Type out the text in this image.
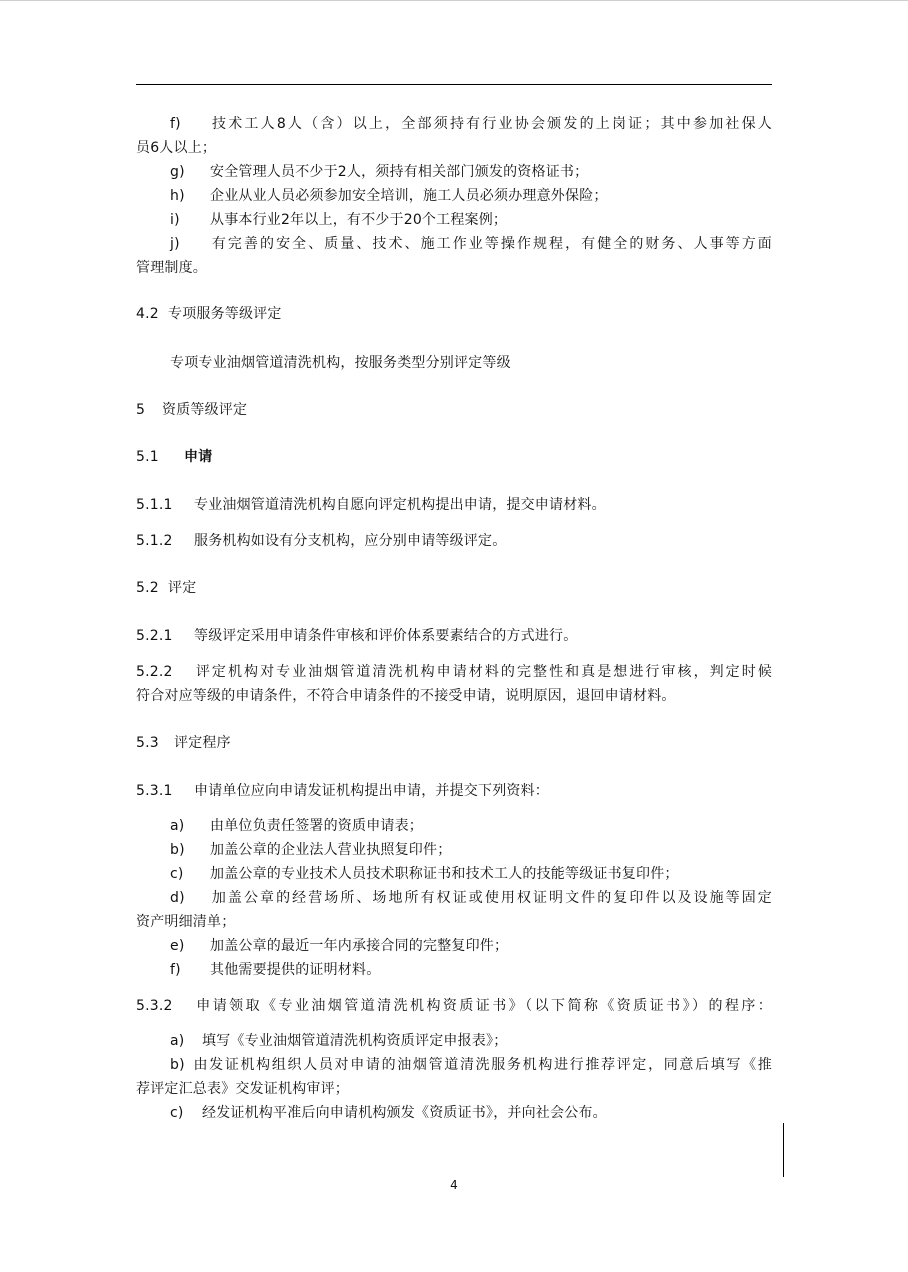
f) 技术工人8人（含）以上，全部须持有行业协会颁发的上岗证；其中参加社保人
员6人以上；
g) 安全管理人员不少于2人，须持有相关部门颁发的资格证书；
h) 企业从业人员必须参加安全培训，施工人员必须办理意外保险；
i) 从事本行业2年以上，有不少于20个工程案例；
j) 有完善的安全、质量、技术、施工作业等操作规程，有健全的财务、人事等方面
管理制度。
4.2 专项服务等级评定
专项专业油烟管道清洗机构，按服务类型分别评定等级
5 资质等级评定
5.1 申请
5.1.1 专业油烟管道清洗机构自愿向评定机构提出申请，提交申请材料。
5.1.2 服务机构如设有分支机构，应分别申请等级评定。
5.2 评定
5.2.1 等级评定采用申请条件审核和评价体系要素结合的方式进行。
5.2.2 评定机构对专业油烟管道清洗机构申请材料的完整性和真是想进行审核，判定时候
符合对应等级的申请条件，不符合申请条件的不接受申请，说明原因，退回申请材料。
5.3 评定程序
5.3.1 申请单位应向申请发证机构提出申请，并提交下列资料：
a) 由单位负责任签署的资质申请表；
b) 加盖公章的企业法人营业执照复印件；
c) 加盖公章的专业技术人员技术职称证书和技术工人的技能等级证书复印件；
d) 加盖公章的经营场所、场地所有权证或使用权证明文件的复印件以及设施等固定
资产明细清单；
e) 加盖公章的最近一年内承接合同的完整复印件；
f) 其他需要提供的证明材料。
5.3.2 申请领取《专业油烟管道清洗机构资质证书》（以下简称《资质证书》）的程序：
a) 填写《专业油烟管道清洗机构资质评定申报表》；
b) 由发证机构组织人员对申请的油烟管道清洗服务机构进行推荐评定，同意后填写《推
荐评定汇总表》交发证机构审评；
c) 经发证机构平准后向申请机构颁发《资质证书》，并向社会公布。
4
